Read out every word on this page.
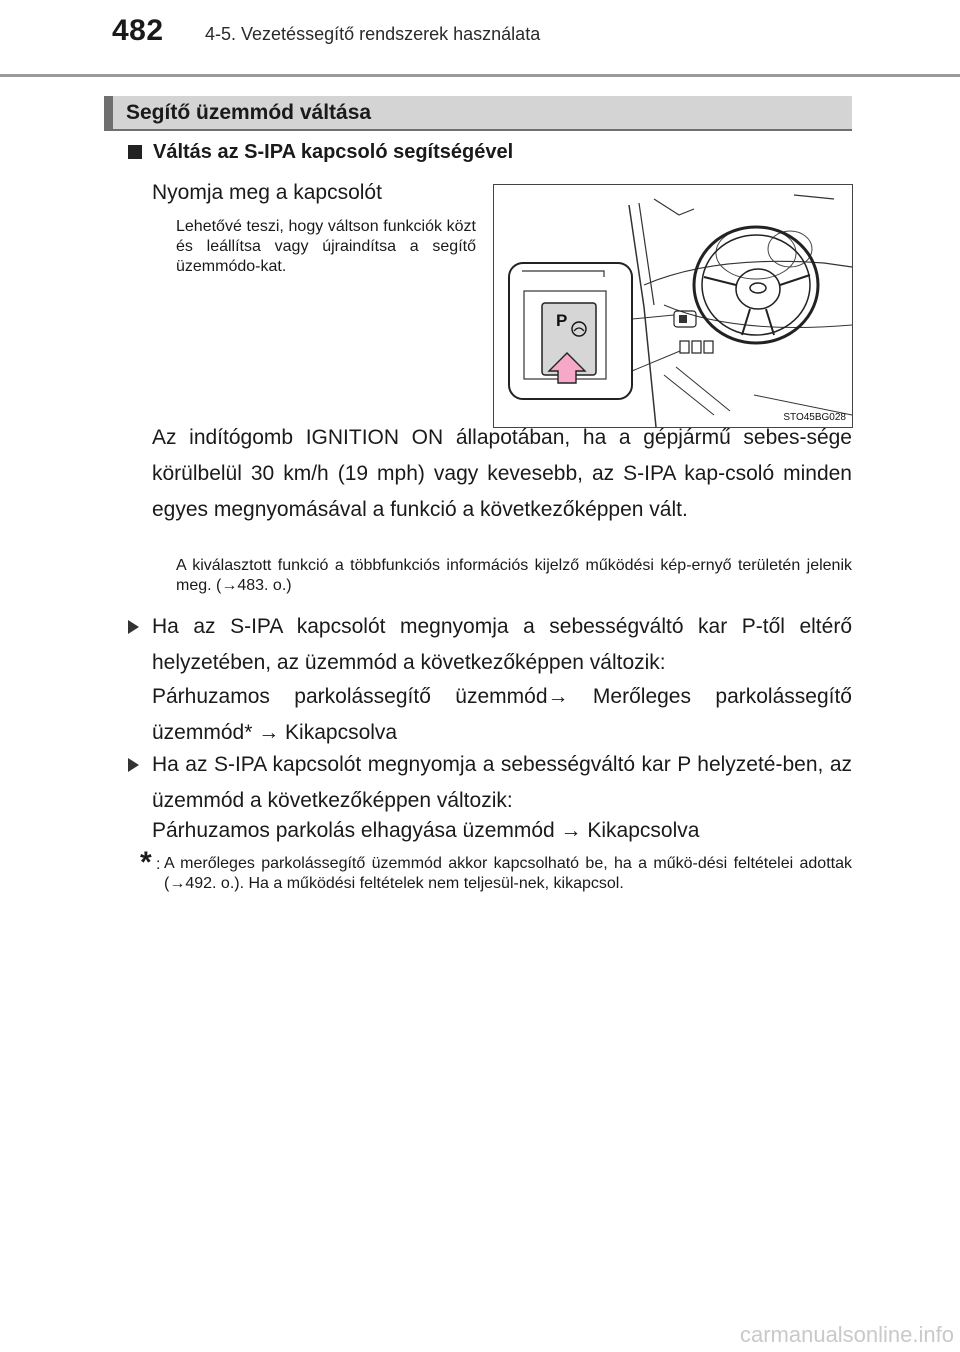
482 4-5. Vezetéssegítő rendszerek használata
Segítő üzemmód váltása
Váltás az S-IPA kapcsoló segítségével
Nyomja meg a kapcsolót
Lehetővé teszi, hogy váltson funkciók közt és leállítsa vagy újraindítsa a segítő üzemmódo-kat.
P
STO45BG028
Az indítógomb IGNITION ON állapotában, ha a gépjármű sebes-sége körülbelül 30 km/h (19 mph) vagy kevesebb, az S-IPA kap-csoló minden egyes megnyomásával a funkció a következőképpen vált.
A kiválasztott funkció a többfunkciós információs kijelző működési kép-ernyő területén jelenik meg. (→483. o.)
Ha az S-IPA kapcsolót megnyomja a sebességváltó kar P-től eltérő helyzetében, az üzemmód a következőképpen változik:
Párhuzamos parkolássegítő üzemmód→ Merőleges parkolássegítő üzemmód* → Kikapcsolva
Ha az S-IPA kapcsolót megnyomja a sebességváltó kar P helyzeté-ben, az üzemmód a következőképpen változik:
Párhuzamos parkolás elhagyása üzemmód → Kikapcsolva
* : A merőleges parkolássegítő üzemmód akkor kapcsolható be, ha a műkö-dési feltételei adottak (→492. o.). Ha a működési feltételek nem teljesül-nek, kikapcsol.
carmanualsonline.info
